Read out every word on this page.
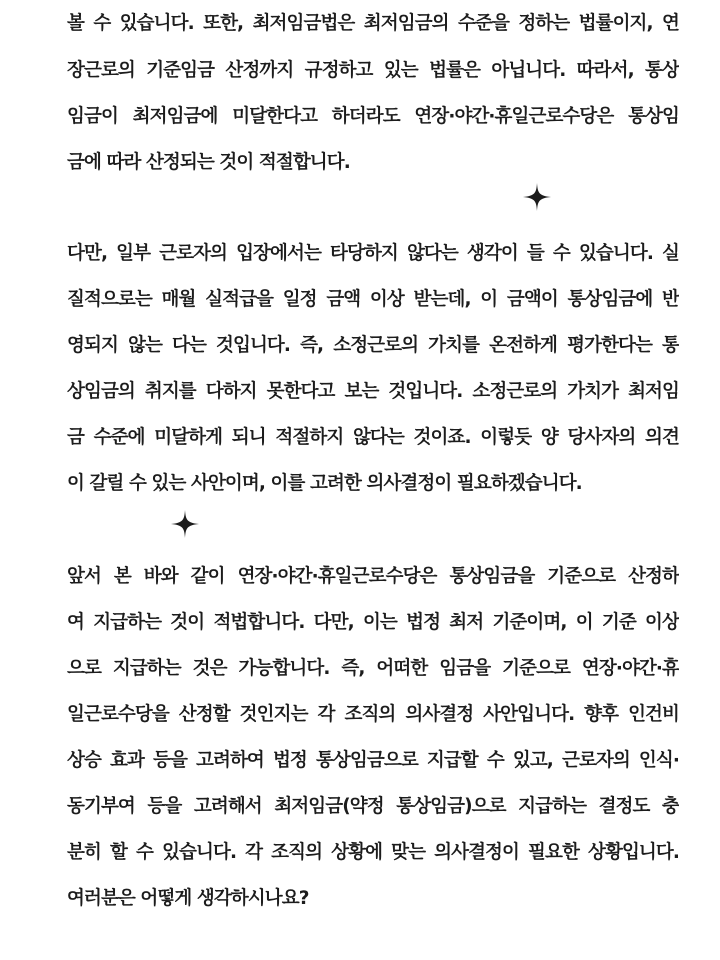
볼 수 있습니다. 또한, 최저임금법은 최저임금의 수준을 정하는 법률이지, 연
장근로의 기준임금 산정까지 규정하고 있는 법률은 아닙니다. 따라서, 통상
임금이 최저임금에 미달한다고 하더라도 연장·야간·휴일근로수당은 통상임
금에 따라 산정되는 것이 적절합니다.
다만, 일부 근로자의 입장에서는 타당하지 않다는 생각이 들 수 있습니다. 실
질적으로는 매월 실적급을 일정 금액 이상 받는데, 이 금액이 통상임금에 반
영되지 않는 다는 것입니다. 즉, 소정근로의 가치를 온전하게 평가한다는 통
상임금의 취지를 다하지 못한다고 보는 것입니다. 소정근로의 가치가 최저임
금 수준에 미달하게 되니 적절하지 않다는 것이죠. 이렇듯 양 당사자의 의견
이 갈릴 수 있는 사안이며, 이를 고려한 의사결정이 필요하겠습니다.
앞서 본 바와 같이 연장·야간·휴일근로수당은 통상임금을 기준으로 산정하
여 지급하는 것이 적법합니다. 다만, 이는 법정 최저 기준이며, 이 기준 이상
으로 지급하는 것은 가능합니다. 즉, 어떠한 임금을 기준으로 연장·야간·휴
일근로수당을 산정할 것인지는 각 조직의 의사결정 사안입니다. 향후 인건비
상승 효과 등을 고려하여 법정 통상임금으로 지급할 수 있고, 근로자의 인식·
동기부여 등을 고려해서 최저임금(약정 통상임금)으로 지급하는 결정도 충
분히 할 수 있습니다. 각 조직의 상황에 맞는 의사결정이 필요한 상황입니다.
여러분은 어떻게 생각하시나요?
